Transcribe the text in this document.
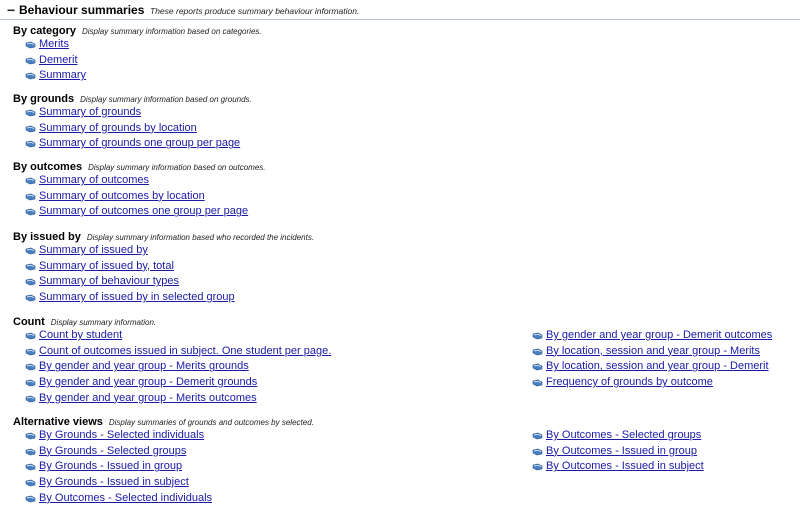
− Behaviour summaries These reports produce summary behaviour information.
By category Display summary information based on categories.
Merits
Demerit
Summary
By grounds Display summary information based on grounds.
Summary of grounds
Summary of grounds by location
Summary of grounds one group per page
By outcomes Display summary information based on outcomes.
Summary of outcomes
Summary of outcomes by location
Summary of outcomes one group per page
By issued by Display summary information based who recorded the incidents.
Summary of issued by
Summary of issued by, total
Summary of behaviour types
Summary of issued by in selected group
Count Display summary information.
Count by student
Count of outcomes issued in subject. One student per page.
By gender and year group - Merits grounds
By gender and year group - Demerit grounds
By gender and year group - Merits outcomes
By gender and year group - Demerit outcomes
By location, session and year group - Merits
By location, session and year group - Demerit
Frequency of grounds by outcome
Alternative views Display summaries of grounds and outcomes by selected.
By Grounds - Selected individuals
By Grounds - Selected groups
By Grounds - Issued in group
By Grounds - Issued in subject
By Outcomes - Selected individuals
By Outcomes - Selected groups
By Outcomes - Issued in group
By Outcomes - Issued in subject
